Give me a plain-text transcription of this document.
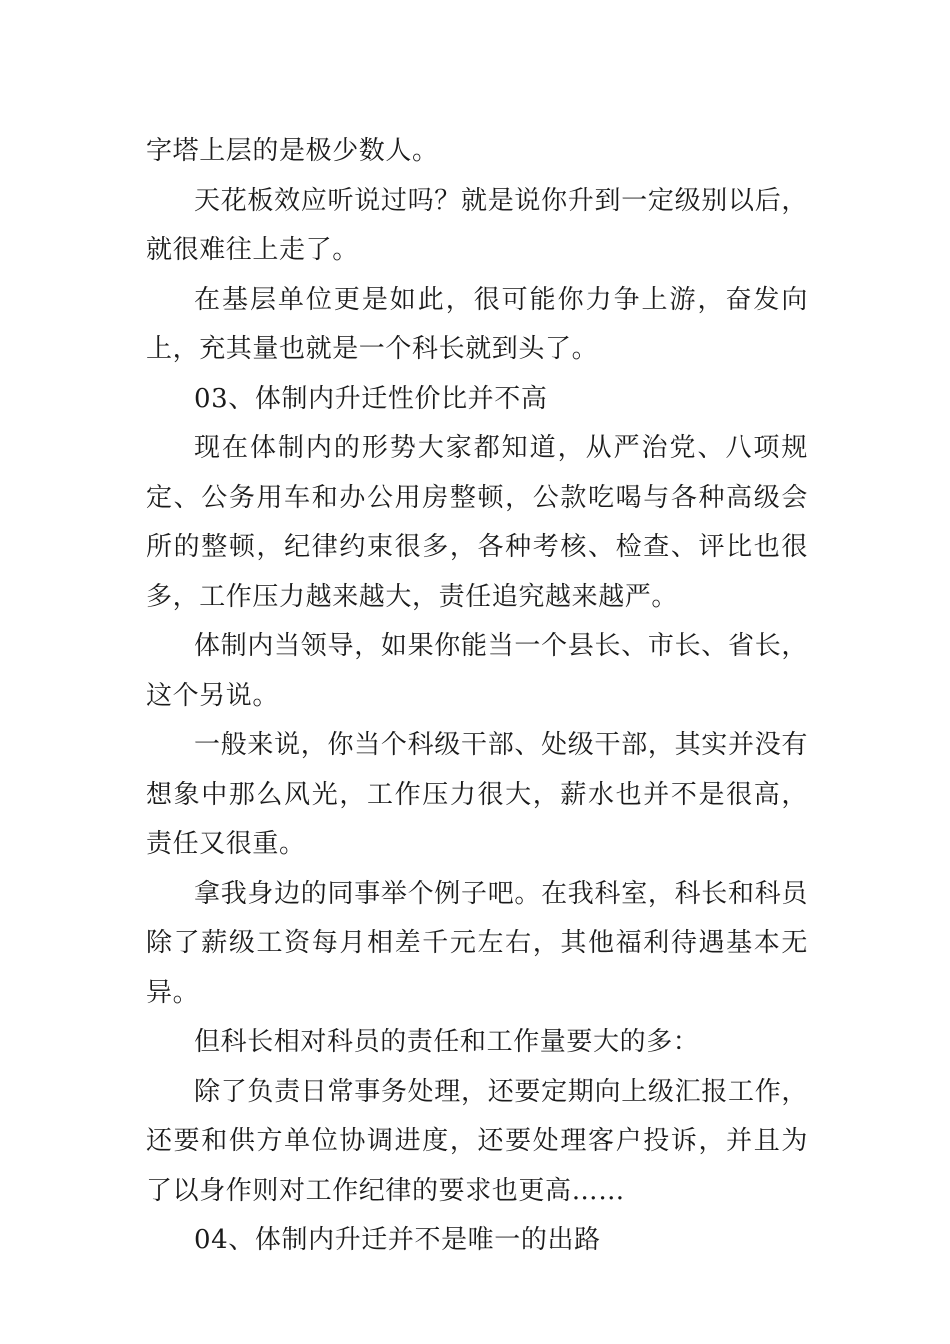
字塔上层的是极少数人。

天花板效应听说过吗？就是说你升到一定级别以后，就很难往上走了。

在基层单位更是如此，很可能你力争上游，奋发向上，充其量也就是一个科长就到头了。

03、体制内升迁性价比并不高

现在体制内的形势大家都知道，从严治党、八项规定、公务用车和办公用房整顿，公款吃喝与各种高级会所的整顿，纪律约束很多，各种考核、检查、评比也很多，工作压力越来越大，责任追究越来越严。

体制内当领导，如果你能当一个县长、市长、省长，这个另说。

一般来说，你当个科级干部、处级干部，其实并没有想象中那么风光，工作压力很大，薪水也并不是很高，责任又很重。

拿我身边的同事举个例子吧。在我科室，科长和科员除了薪级工资每月相差千元左右，其他福利待遇基本无异。

但科长相对科员的责任和工作量要大的多：

除了负责日常事务处理，还要定期向上级汇报工作，还要和供方单位协调进度，还要处理客户投诉，并且为了以身作则对工作纪律的要求也更高……

04、体制内升迁并不是唯一的出路
